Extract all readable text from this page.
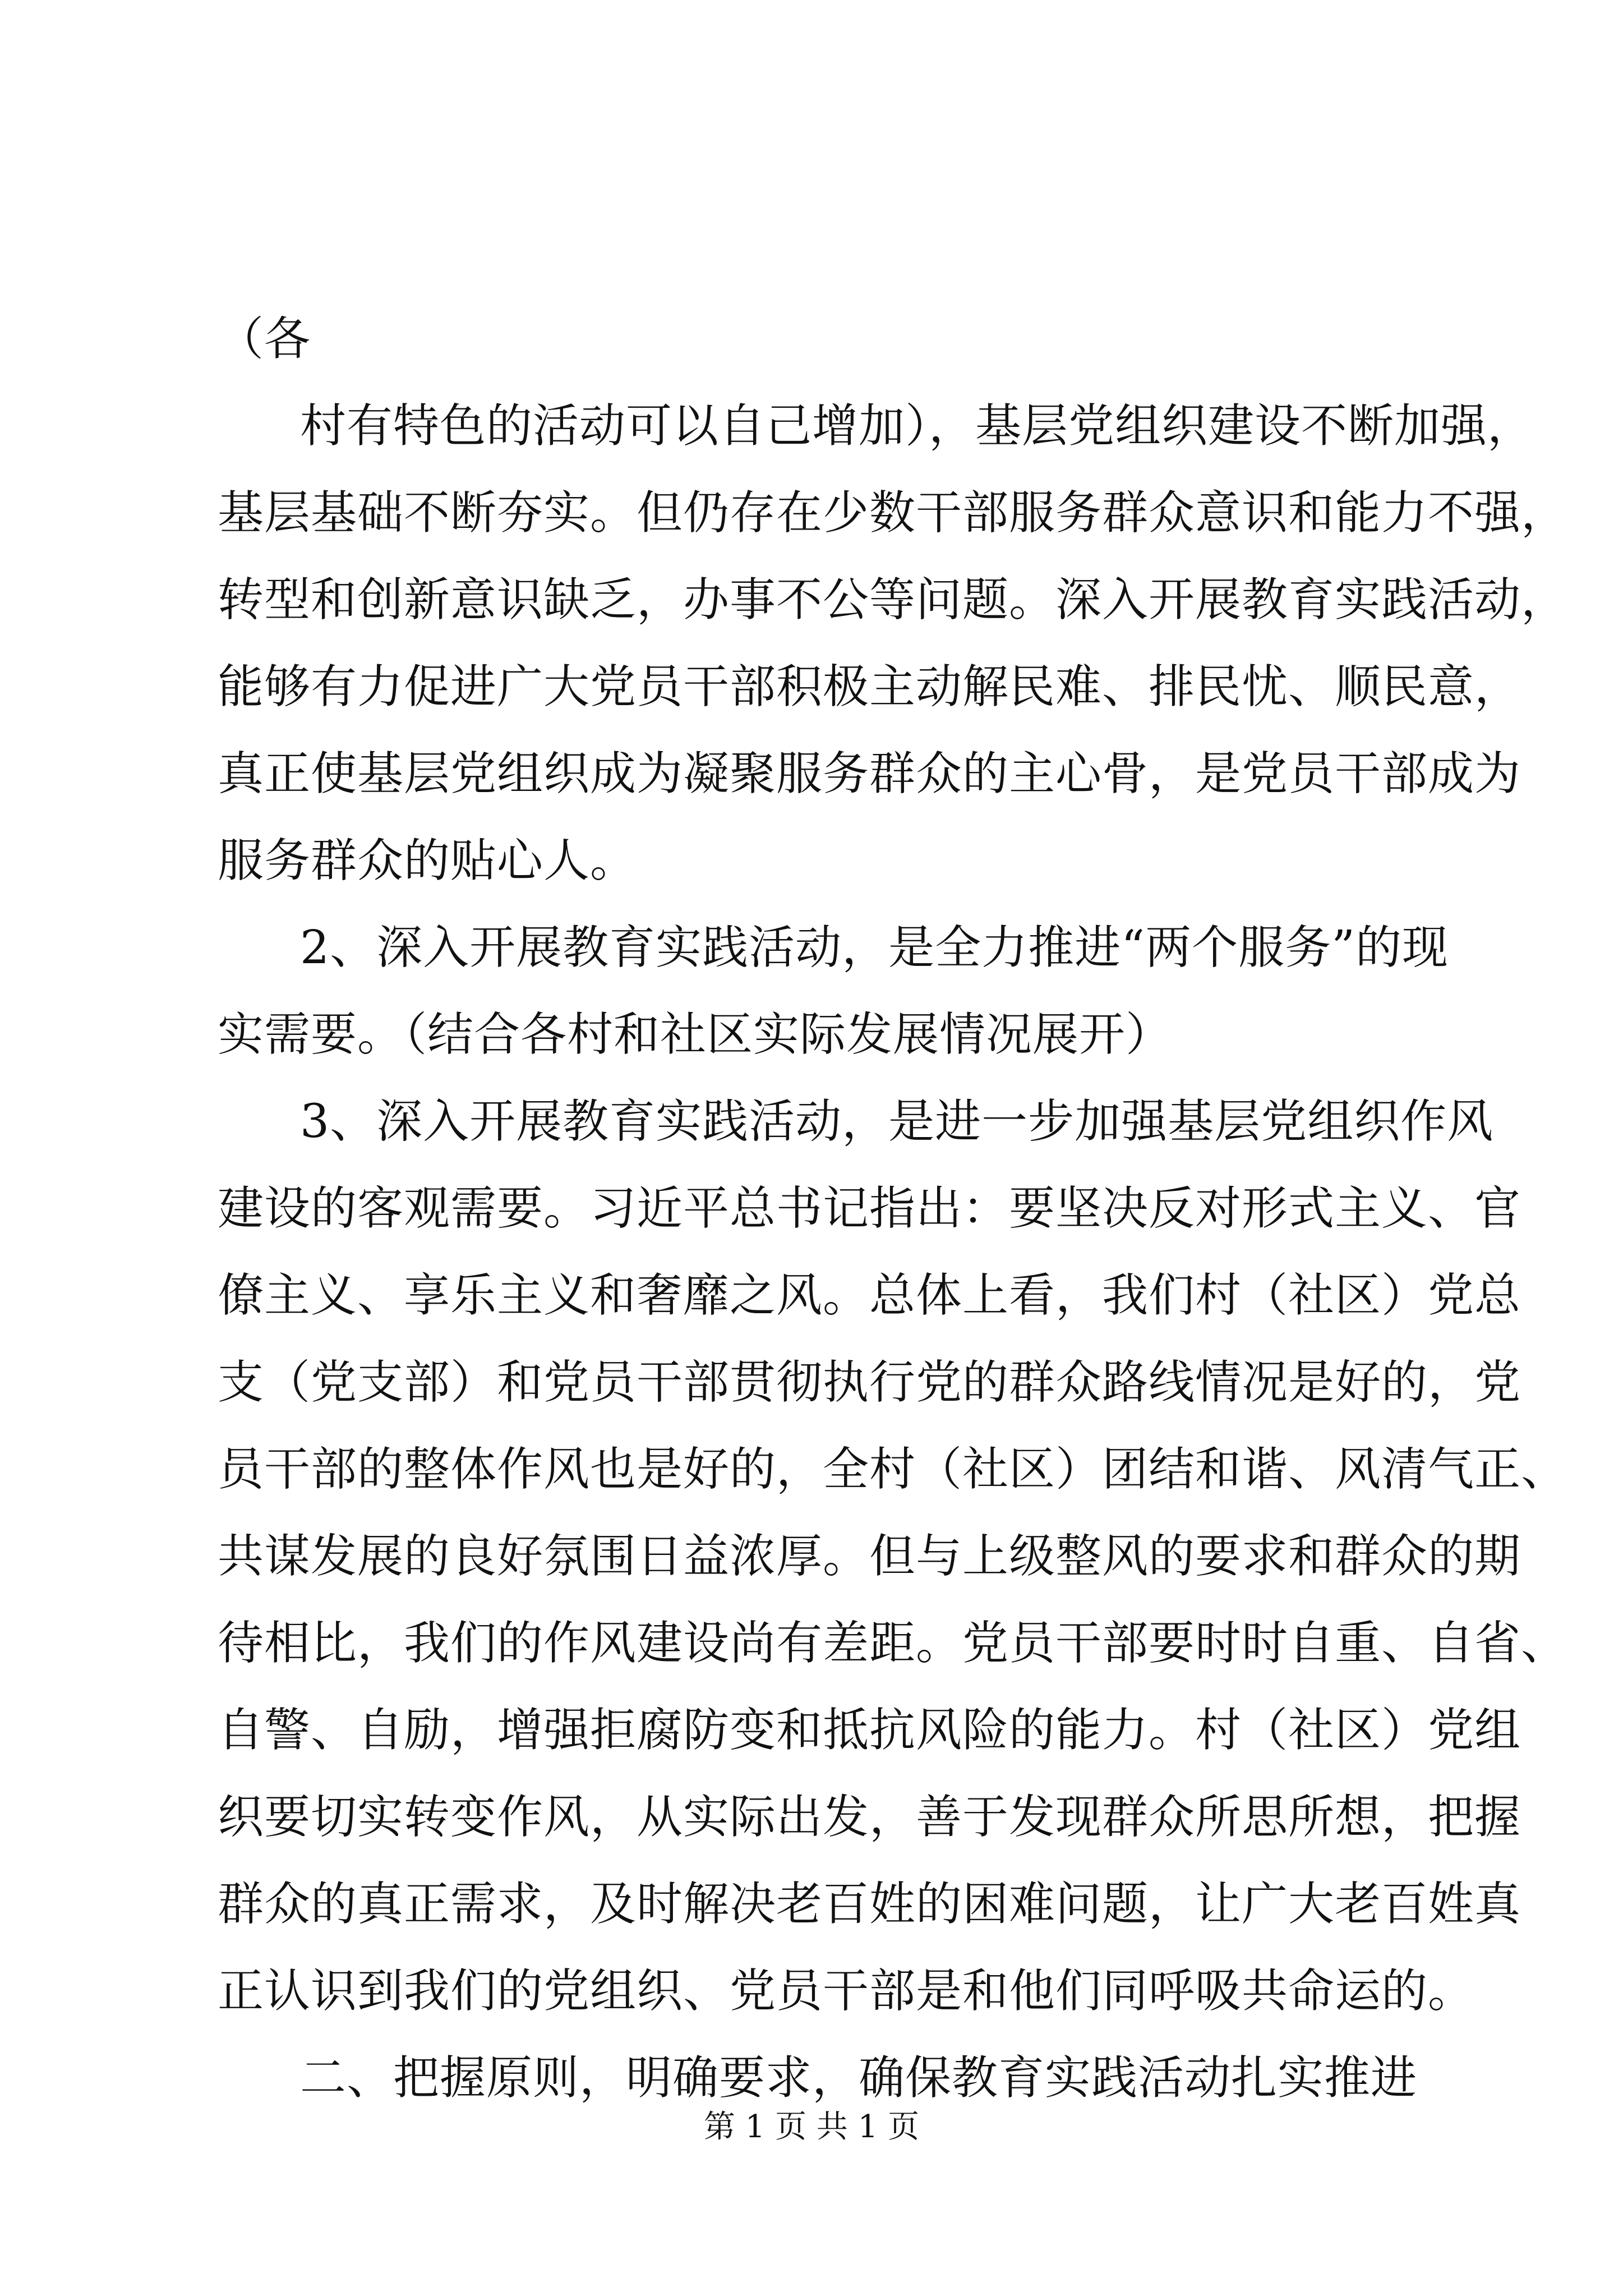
（各

村有特色的活动可以自己增加），基层党组织建设不断加强，

基层基础不断夯实。但仍存在少数干部服务群众意识和能力不强，

转型和创新意识缺乏，办事不公等问题。深入开展教育实践活动，

能够有力促进广大党员干部积极主动解民难、排民忧、顺民意，

真正使基层党组织成为凝聚服务群众的主心骨，是党员干部成为

服务群众的贴心人。

2、深入开展教育实践活动，是全力推进“两个服务”的现

实需要。（结合各村和社区实际发展情况展开）

3、深入开展教育实践活动，是进一步加强基层党组织作风

建设的客观需要。习近平总书记指出：要坚决反对形式主义、官

僚主义、享乐主义和奢靡之风。总体上看，我们村（社区）党总

支（党支部）和党员干部贯彻执行党的群众路线情况是好的，党

员干部的整体作风也是好的，全村（社区）团结和谐、风清气正、

共谋发展的良好氛围日益浓厚。但与上级整风的要求和群众的期

待相比，我们的作风建设尚有差距。党员干部要时时自重、自省、

自警、自励，增强拒腐防变和抵抗风险的能力。村（社区）党组

织要切实转变作风，从实际出发，善于发现群众所思所想，把握

群众的真正需求，及时解决老百姓的困难问题，让广大老百姓真

正认识到我们的党组织、党员干部是和他们同呼吸共命运的。

二、把握原则，明确要求，确保教育实践活动扎实推进

第 1 页 共 1 页
